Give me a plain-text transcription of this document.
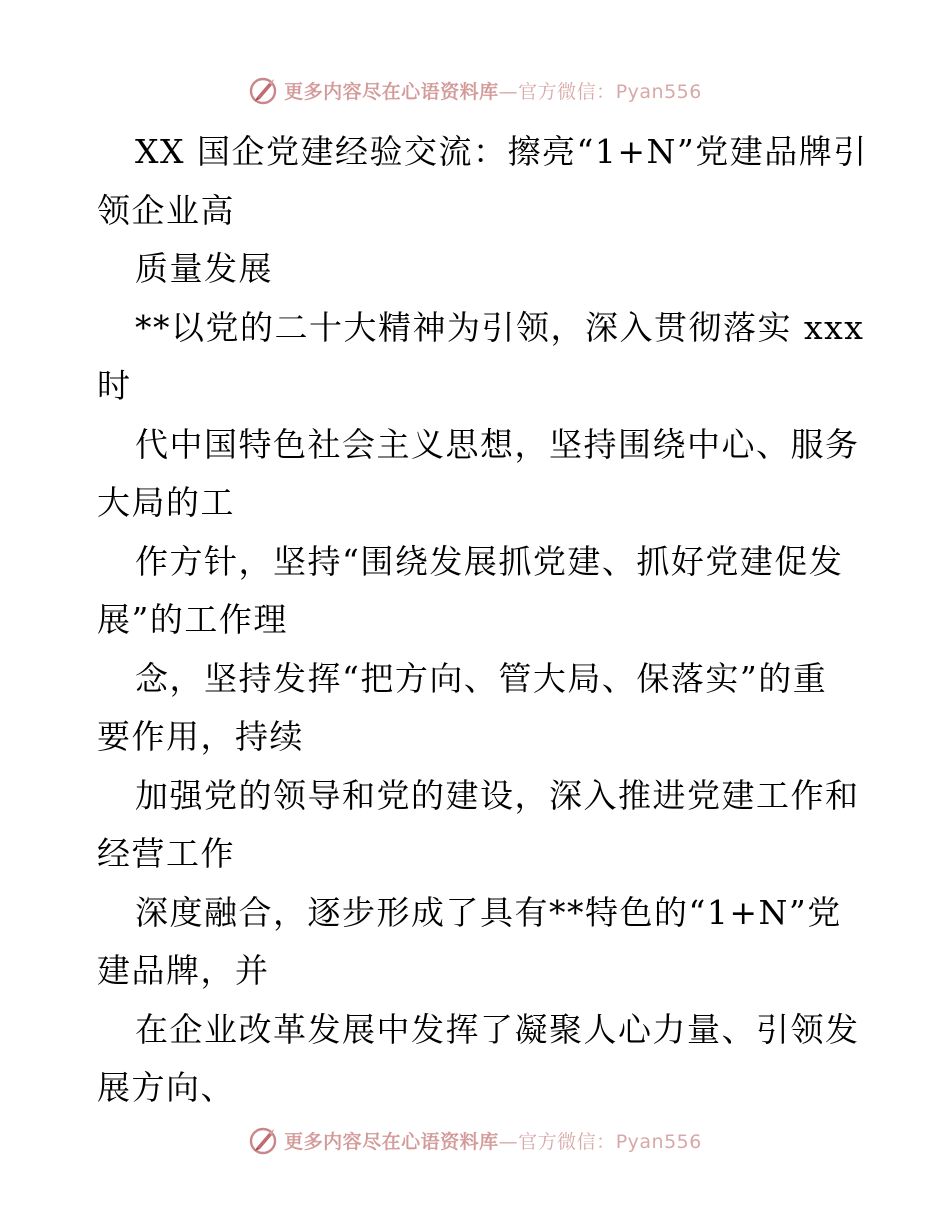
更多内容尽在心语资料库—官方微信：Pyan556
XX 国企党建经验交流：擦亮“1+N”党建品牌引
领企业高
质量发展
**以党的二十大精神为引领，深入贯彻落实 xxx
时
代中国特色社会主义思想，坚持围绕中心、服务
大局的工
作方针，坚持“围绕发展抓党建、抓好党建促发
展”的工作理
念，坚持发挥“把方向、管大局、保落实”的重
要作用，持续
加强党的领导和党的建设，深入推进党建工作和
经营工作
深度融合，逐步形成了具有**特色的“1+N”党
建品牌，并
在企业改革发展中发挥了凝聚人心力量、引领发
展方向、
更多内容尽在心语资料库—官方微信：Pyan556
